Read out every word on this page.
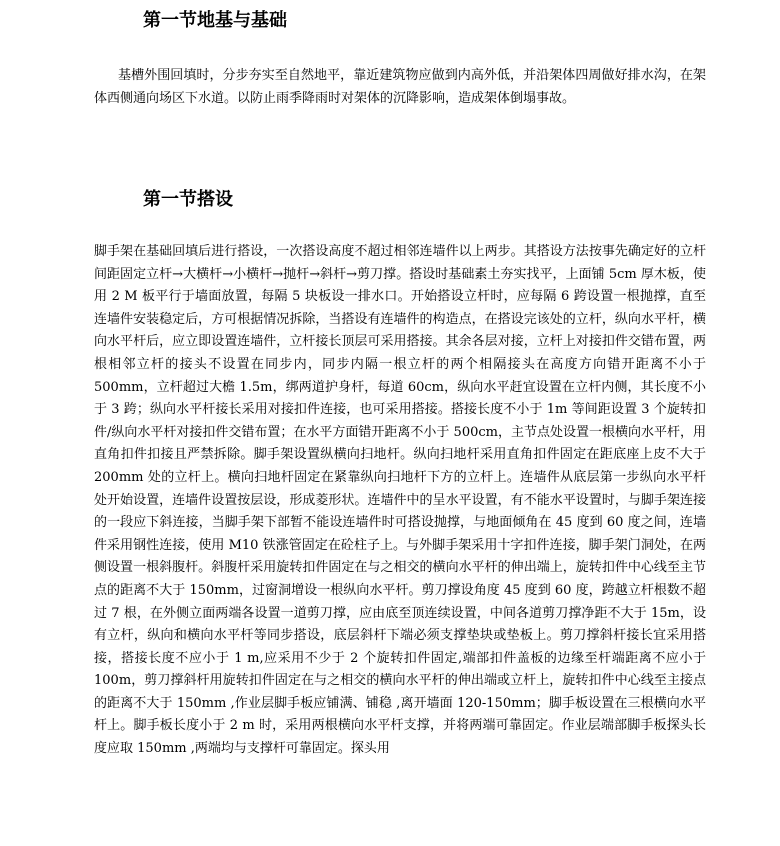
第一节地基与基础

基槽外围回填时，分步夯实至自然地平，靠近建筑物应做到内高外低，并沿架体四周做好排水沟，在架体西侧通向场区下水道。以防止雨季降雨时对架体的沉降影响，造成架体倒塌事故。

第一节搭设

脚手架在基础回填后进行搭设，一次搭设高度不超过相邻连墙件以上两步。其搭设方法按事先确定好的立杆间距固定立杆→大横杆→小横杆→抛杆→斜杆→剪刀撑。搭设时基础素土夯实找平，上面铺 5cm 厚木板，使用 2 M 板平行于墙面放置，每隔 5 块板设一排水口。开始搭设立杆时，应每隔 6 跨设置一根抛撑，直至连墙件安装稳定后，方可根据情况拆除，当搭设有连墙件的构造点，在搭设完该处的立杆，纵向水平杆，横向水平杆后，应立即设置连墙件，立杆接长顶层可采用搭接。其余各层对接，立杆上对接扣件交错布置，两根相邻立杆的接头不设置在同步内，同步内隔一根立杆的两个相隔接头在高度方向错开距离不小于 500mm，立杆超过大檐 1.5m，绑两道护身杆，每道 60cm，纵向水平赶宜设置在立杆内侧，其长度不小于 3 跨；纵向水平杆接长采用对接扣件连接，也可采用搭接。搭接长度不小于 1m 等间距设置 3 个旋转扣件/纵向水平杆对接扣件交错布置；在水平方面错开距离不小于 500cm，主节点处设置一根横向水平杆，用直角扣件扣接且严禁拆除。脚手架设置纵横向扫地杆。纵向扫地杆采用直角扣件固定在距底座上皮不大于 200mm 处的立杆上。横向扫地杆固定在紧靠纵向扫地杆下方的立杆上。连墙件从底层第一步纵向水平杆处开始设置，连墙件设置按层设，形成菱形状。连墙件中的呈水平设置，有不能水平设置时，与脚手架连接的一段应下斜连接，当脚手架下部暂不能设连墙件时可搭设抛撑，与地面倾角在 45 度到 60 度之间，连墙件采用钢性连接，使用 M10 铁涨管固定在砼柱子上。与外脚手架采用十字扣件连接，脚手架门洞处，在两侧设置一根斜腹杆。斜腹杆采用旋转扣件固定在与之相交的横向水平杆的伸出端上，旋转扣件中心线至主节点的距离不大于 150mm，过窗洞增设一根纵向水平杆。剪刀撑设角度 45 度到 60 度，跨越立杆根数不超过 7 根，在外侧立面两端各设置一道剪刀撑，应由底至顶连续设置，中间各道剪刀撑净距不大于 15m，设有立杆，纵向和横向水平杆等同步搭设，底层斜杆下端必须支撑垫块或垫板上。剪刀撑斜杆接长宜采用搭接，搭接长度不应小于 1 m,应采用不少于 2 个旋转扣件固定,端部扣件盖板的边缘至杆端距离不应小于 100m，剪刀撑斜杆用旋转扣件固定在与之相交的横向水平杆的伸出端或立杆上，旋转扣件中心线至主接点的距离不大于 150mm ,作业层脚手板应铺满、铺稳 ,离开墙面 120-150mm；脚手板设置在三根横向水平杆上。脚手板长度小于 2 m 时，采用两根横向水平杆支撑，并将两端可靠固定。作业层端部脚手板探头长度应取 150mm ,两端均与支撑杆可靠固定。探头用
